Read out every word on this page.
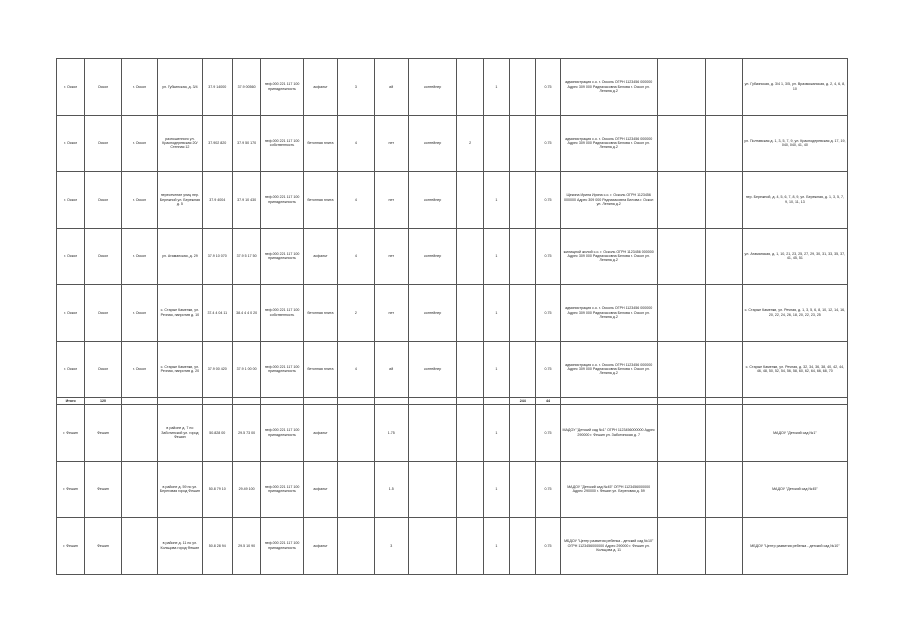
г. Оскол	Оскол	г. Оскол	ул. Губкинская, д. 3/4	37.9 14000	37.9 00560	неф.000 221 117 100 принадлежность	асфальт	3	ий	контейнер		1		0.75	администрация с.о. г. Осколь ОГРН 1123456 000000 Адрес 309 000 Раднахасовна Белова г. Оскол ул. Ленина д.2			ул. Губкинская, д. 3/4 1, 3/5, ул. Вразможанская, д. 2, 4, 6, 8, 10
г. Оскол	Оскол	г. Оскол	разношенного ул. Краснодеревская 20/Степная 12	37.902 820	37.9 50 170	неф.000 221 117 100 собственность	бетонная плита	4	нет	контейнер	2			0.75	администрация с.о. г. Осколь ОГРН 1123456 000000 Адрес 309 000 Раднахасовна Белова г. Оскол ул. Ленина д.2			ул. Полтавская д. 1, 3, 5, 7, 9, ул. Краснодеревская д. 17, 19, 040, 040, 41, 40
г. Оскол	Оскол	г. Оскол	пересечение улиц пер. Бережной ул. Бережная д. 5	37.9 4004	37.9 10 430	неф.000 221 117 100 принадлежность	бетонная плита	4	нет	контейнер		1		0.75	Щекина Ирина Ирина с.о. г. Осколь ОГРН 1123456 000000 Адрес 309 000 Раднахасовна Белова г. Оскол ул. Ленина д.2			пер. Бережной, д. 4, 5, 6, 7, 8, 9, ул. Бережная, д. 1, 3, 5, 7, 9, 10, 11, 13
г. Оскол	Оскол	г. Оскол	ул. Атаманская, д. 29	37.9 10 070	37.9 5 17 50	неф.000 221 117 100 принадлежность	асфальт	4	нет	контейнер		1		0.75	жилищной жилой с.о. г. Осколь ОГРН 1123456 000000 Адрес 309 000 Раднахасовна Белова г. Оскол ул. Ленина д.2			ул. Атаманская, д. 1, 10, 21, 23, 25, 27, 29, 30, 31, 33, 35, 37, 41, 45, 51
г. Оскол	Оскол	г. Оскол	с. Старые Каменки, ул. Речная, напротив д. 10	37.4 4 04 11	38.4 4 4 0 20	неф.000 221 117 100 собственность	бетонная плита	2	нет	контейнер		1		0.75	администрация с.о. г. Осколь ОГРН 1123456 000000 Адрес 309 000 Раднахасовна Белова г. Оскол ул. Ленина д.2			с. Старые Каменки, ул. Речная, д. 1, 3, 5, 6, 8, 10, 12, 14, 16, 20, 22, 24, 26, 18, 20, 22, 23, 25
г. Оскол	Оскол	г. Оскол	с. Старые Каменки, ул. Речная, напротив д. 20	37.9 00 420	37.9 1 00 00	неф.000 221 117 100 принадлежность	бетонная плита	4	ий	контейнер		1		0.75	администрация с.о. г. Осколь ОГРН 1123456 000000 Адрес 309 000 Раднахасовна Белова г. Оскол ул. Ленина д.2			с. Старые Каменки, ул. Речная, д. 32, 34, 36, 38, 40, 42, 44, 46, 48, 50, 52, 54, 56, 58, 60, 62, 64, 66, 68, 70
Итого	120												244	44				
г. Фешин	Фешин		в районе д. 7 по Заботинской ул. город Фешин	50.828 00	29.5 73 00	неф.000 221 117 100 принадлежность	асфальт		1.75			1		0.75	МАДОУ "Детский сад №1" ОГРН 1123456000000 Адрес 290000 г. Фешин ул. Заботинская д. 7			МАДОУ "Детский сад №1"
г. Фешин	Фешин		в районе д. 59 по ул. Береговая город Фешин	50.8 79 10	29.49 100	неф.000 221 117 100 принадлежность	асфальт		1.5			1		0.75	МАДОУ "Детский сад №45" ОГРН 1123456000000 Адрес 290000 г. Фешин ул. Береговая д. 59			МАДОУ "Детский сад №45"
г. Фешин	Фешин		в районе д. 11 по ул. Кольцова город Фешин	50.8 28 94	29.5 10 90	неф.000 221 117 100 принадлежность	асфальт		3			1		0.75	МБДОУ "Центр развития ребенка - детский сад №10" ОГРН 1123456000000 Адрес 290000 г. Фешин ул. Кольцова д. 11			МБДОУ "Центр развития ребенка - детский сад №10"
